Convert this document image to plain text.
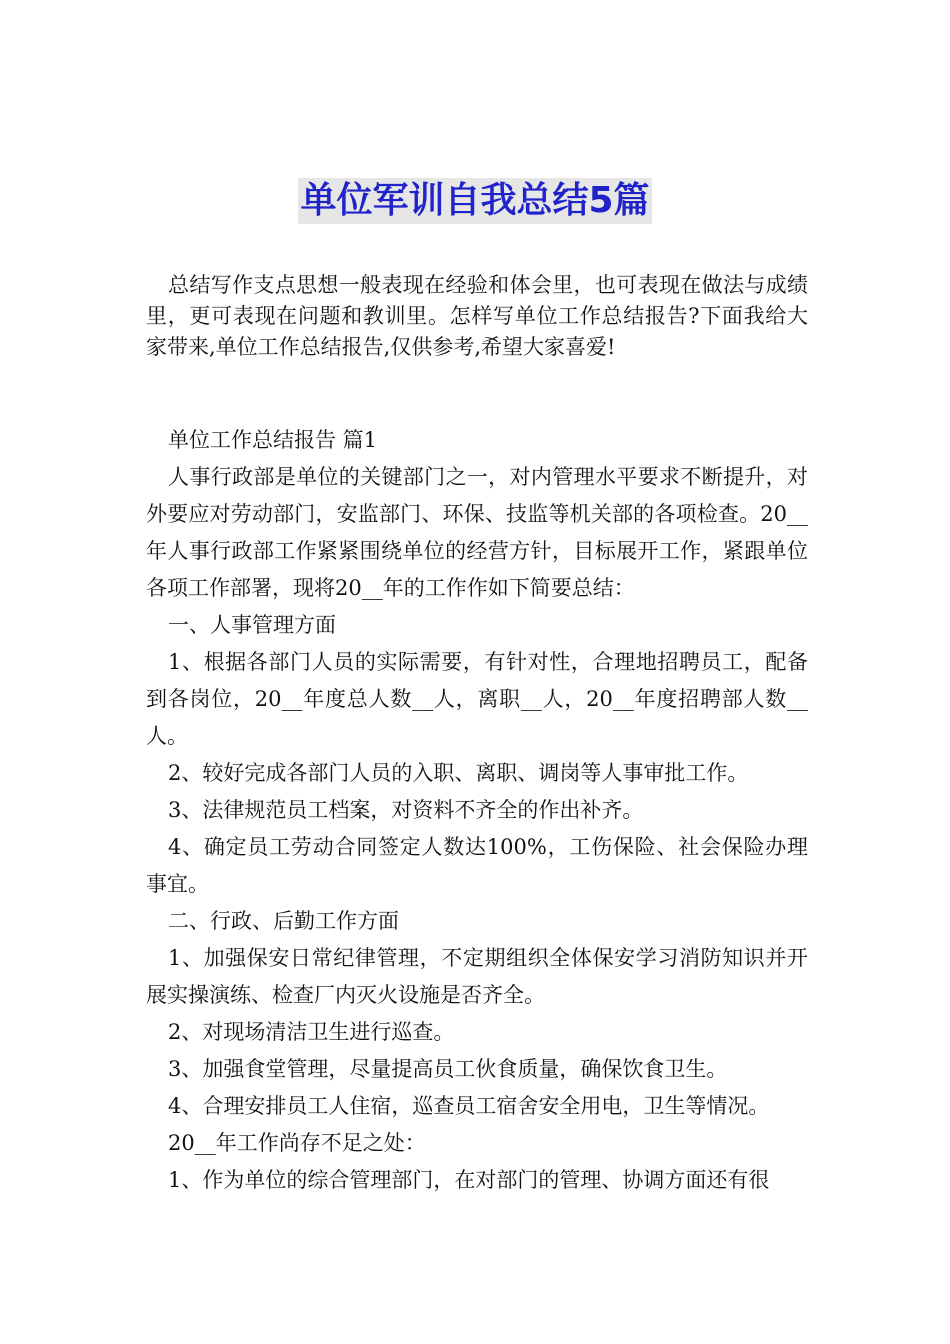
单位军训自我总结5篇

总结写作支点思想一般表现在经验和体会里，也可表现在做法与成绩里，更可表现在问题和教训里。怎样写单位工作总结报告?下面我给大家带来,单位工作总结报告,仅供参考,希望大家喜爱!

单位工作总结报告 篇1

人事行政部是单位的关键部门之一，对内管理水平要求不断提升，对外要应对劳动部门，安监部门、环保、技监等机关部的各项检查。20__年人事行政部工作紧紧围绕单位的经营方针，目标展开工作，紧跟单位各项工作部署，现将20__年的工作作如下简要总结：

一、人事管理方面

1、根据各部门人员的实际需要，有针对性，合理地招聘员工，配备到各岗位，20__年度总人数__人，离职__人，20__年度招聘部人数__人。

2、较好完成各部门人员的入职、离职、调岗等人事审批工作。

3、法律规范员工档案，对资料不齐全的作出补齐。

4、确定员工劳动合同签定人数达100%，工伤保险、社会保险办理事宜。

二、行政、后勤工作方面

1、加强保安日常纪律管理，不定期组织全体保安学习消防知识并开展实操演练、检查厂内灭火设施是否齐全。

2、对现场清洁卫生进行巡查。

3、加强食堂管理，尽量提高员工伙食质量，确保饮食卫生。

4、合理安排员工人住宿，巡查员工宿舍安全用电，卫生等情况。

20__年工作尚存不足之处：

1、作为单位的综合管理部门，在对部门的管理、协调方面还有很
